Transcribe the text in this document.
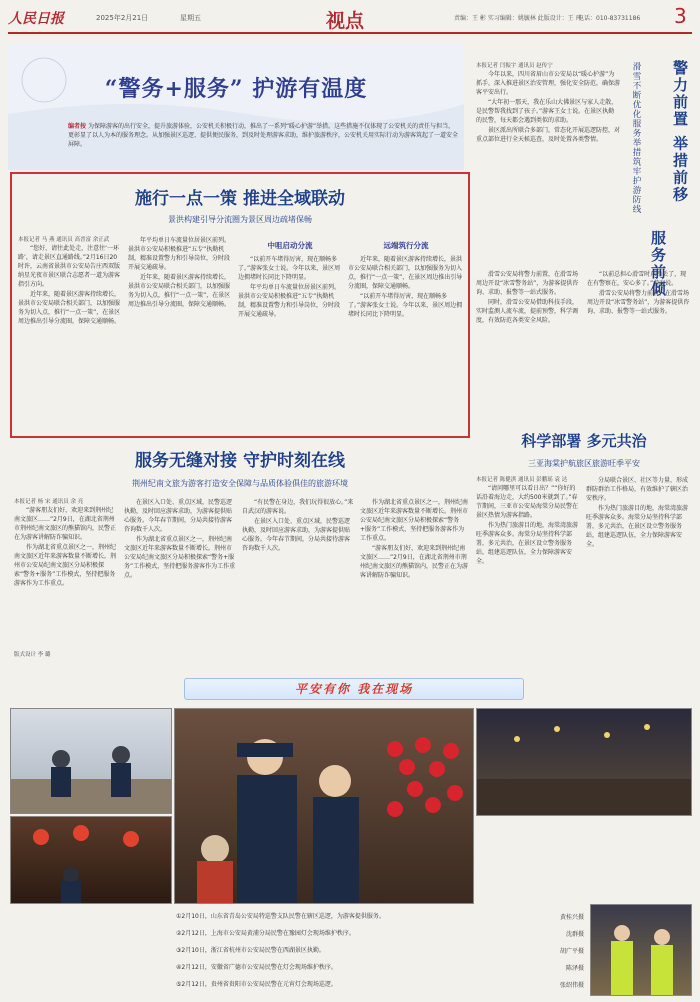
人民日报	2025年2月21日	星期五	视点	责编：王 彬 实习编辑：姚毓林 此版设计：王 玮
电话：010-83731186 3
“警务+服务” 护游有温度
编者按 为保障游客的出行安全，提升旅游体验，公安机关积极行动，推出了一系列“暖心护游”举措。这些措施不仅体现了公安机关的责任与担当，更彰显了以人为本的服务理念。从加强景区巡逻、提供便民服务，到及时处理游客求助，维护旅游秩序，公安机关用实际行动为游客筑起了一道安全屏障。
施行一点一策 推进全域联动
景洪构建引导分流圈为景区周边疏堵保畅
本报记者 马 燕 通讯员 高晋富 余正武

“您好，请往此处走，注意往‘一环路’，请走景区直通路线。”2月16日20时许，云南省景洪市公安局告庄西双版纳星光夜市景区联合志愿者一道为游客指引方向。

近年来，随着景区游客持续增长，景洪市公安局联合相关部门，以加强服务为切入点，推行“一点一策”，在景区周边推出引导分流圈，保障交通顺畅。

年平均单日车流量位居景区前列。景洪市公安局积极推进“五专”执勤机制，精准设置警力和引导岗位，分时段开展交通疏导。

近年来，随着景区游客持续增长，景洪市公安局联合相关部门，以加强服务为切入点，推行“一点一策”，在景区周边推出引导分流圈，保障交通顺畅。

中咀启动分流

“以前开车堵得厉害，现在顺畅多了。”游客张女士说。今年以来，景区周边拥堵时长同比下降明显。

年平均单日车流量位居景区前列。景洪市公安局积极推进“五专”执勤机制，精准设置警力和引导岗位，分时段开展交通疏导。

远端筑行分流

近年来，随着景区游客持续增长，景洪市公安局联合相关部门，以加强服务为切入点，推行“一点一策”，在景区周边推出引导分流圈，保障交通顺畅。

“以前开车堵得厉害，现在顺畅多了。”游客张女士说。今年以来，景区周边拥堵时长同比下降明显。

服务无缝对接 守护时刻在线
荆州纪南文旅为游客打造安全保障与品质体验俱佳的旅游环境
本报记者 杨 宋 通讯员 余 亮

“游客朋友们好，欢迎来到荆州纪南文旅区……”2月9日，在湖北省荆州市荆州纪南文旅区的熊猫馆内，民警正在为游客讲解防诈骗知识。

作为湖北省重点景区之一，荆州纪南文旅区近年来游客数量不断增长。荆州市公安局纪南文旅区分局积极探索“警务+服务”工作模式，坚持把服务游客作为工作重点。

版式设计 李 璐

在景区入口处、重点区域，民警巡逻执勤，及时回应游客求助，为游客提供贴心服务。今年春节期间，分局共接待游客咨询数千人次。

作为湖北省重点景区之一，荆州纪南文旅区近年来游客数量不断增长。荆州市公安局纪南文旅区分局积极探索“警务+服务”工作模式，坚持把服务游客作为工作重点。

“有民警在身边，我们玩得很放心。”来自武汉的游客说。

在景区入口处、重点区域，民警巡逻执勤，及时回应游客求助，为游客提供贴心服务。今年春节期间，分局共接待游客咨询数千人次。

作为湖北省重点景区之一，荆州纪南文旅区近年来游客数量不断增长。荆州市公安局纪南文旅区分局积极探索“警务+服务”工作模式，坚持把服务游客作为工作重点。

“游客朋友们好，欢迎来到荆州纪南文旅区……”2月9日，在湖北省荆州市荆州纪南文旅区的熊猫馆内，民警正在为游客讲解防诈骗知识。

本报记者 闫振宇 通讯员 赵传宁

今年以来，四川省眉山市公安局以“暖心护游”为抓手，深入推进景区治安管理，强化安全防范，确保游客平安出行。

“大年初一那天，我在乐山大佛景区与家人走散，是民警帮我找到了孩子。”游客王女士说。在景区执勤的民警，每天都会遇到类似的求助。

景区派出所联合多部门，常态化开展巡逻防控，对重点部位进行全天候巡查，及时处置各类警情。	警力前置 举措前移
服务前倾
滑雪不断优化服务举措筑牢护游防线

滑雪公安局将警力前置，在滑雪场周边开设“冰雪警务站”，为游客提供咨询、求助、报警等一站式服务。

同时，滑雪公安局借助科技手段，实时监测人流车流，提前预警，科学调度，有效防范各类安全风险。

“以前总担心滑雪时东西丢了，现在有警察在，安心多了。”游客说。

滑雪公安局将警力前置，在滑雪场周边开设“冰雪警务站”，为游客提供咨询、求助、报警等一站式服务。

科学部署 多元共治
三亚海棠护航旅区旅游旺季平安
本报记者 陈健淇 通讯员 彭鹏瑶 袁 达

“请问哪里可以看日出？”“你好的话沿着海边走，大约500米就到了。”春节期间，三亚市公安局海棠分局民警在景区热情为游客指路。

作为热门旅游目的地，海棠湾旅游旺季游客众多。海棠分局坚持科学部署，多元共治，在景区设立警务服务站，组建巡逻队伍，全力保障游客安全。

分局联合景区、社区等力量，形成群防群治工作格局，有效维护了辖区治安秩序。

作为热门旅游目的地，海棠湾旅游旺季游客众多。海棠分局坚持科学部署，多元共治，在景区设立警务服务站，组建巡逻队伍，全力保障游客安全。

平安有你 我在现场
①2月10日，山东省青岛公安局特巡警支队民警在辖区巡逻，为游客提供服务。	黄桂兴摄
②2月12日，上海市公安局黄浦分局民警在豫园灯会现场维护秩序。	沈群摄
③2月10日，浙江省杭州市公安局民警在西湖景区执勤。	胡广平摄
④2月12日，安徽省广德市公安局民警在灯会现场维护秩序。	陈泽摄
⑤2月12日，贵州省贵阳市公安局民警在元宵灯会现场巡逻。	张绍伟摄
